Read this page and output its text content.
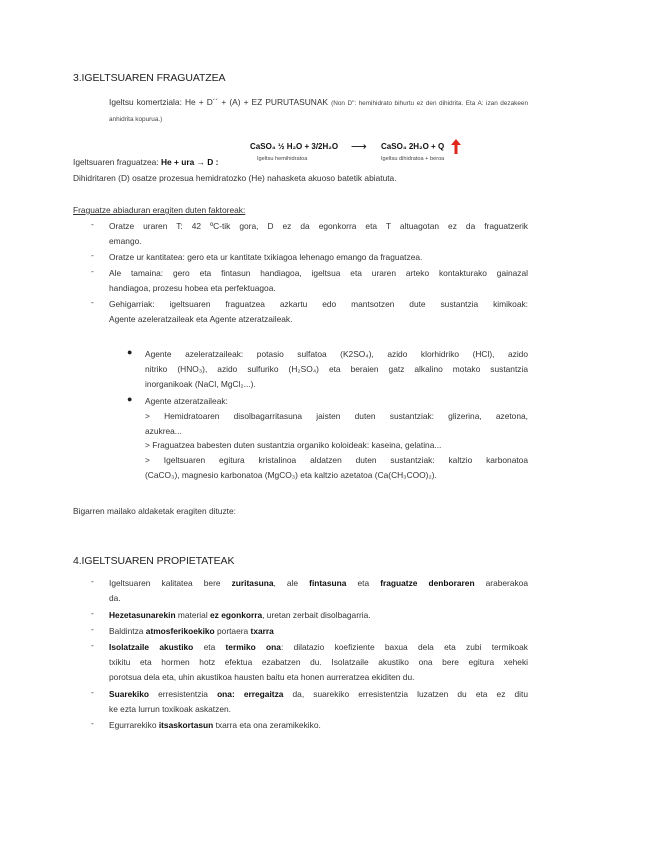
3.IGELTSUAREN FRAGUATZEA
Igeltsu komertziala: He + D´´ + (A) + EZ PURUTASUNAK (Non D": hemihidrato bihurtu ez den dihidrita. Eta A: izan dezakeen anhidrita kopurua.)
CaSO₄ ½ H₂O + 3/2H₂O ⟶ CaSO₄ 2H₂O + Q
Igeltsu hemihidratoa	Igeltsu dihidratoa + beroa
Igeltsuaren fraguatzea: He + ura → D :
Dihidritaren (D) osatze prozesua hemidratozko (He) nahasketa akuoso batetik abiatuta.
Fraguatze abiaduran eragiten duten faktoreak:
- Oratze uraren T: 42 ºC-tik gora, D ez da egonkorra eta T altuagotan ez da fraguatzerik
emango.
- Oratze ur kantitatea: gero eta ur kantitate txikiagoa lehenago emango da fraguatzea.
- Ale tamaina: gero eta fintasun handiagoa, igeltsua eta uraren arteko kontakturako gainazal
handiagoa, prozesu hobea eta perfektuagoa.
- Gehigarriak: igeltsuaren fraguatzea azkartu edo mantsotzen dute sustantzia kimikoak:
Agente azeleratzaileak eta Agente atzeratzaileak.
● Agente azeleratzaileak: potasio sulfatoa (K2SO₄), azido klorhidriko (HCl), azido
nitriko (HNO₃), azido sulfuriko (H₂SO₄) eta beraien gatz alkalino motako sustantzia
inorganikoak (NaCl, MgCl₂...).
● Agente atzeratzaileak:
> Hemidratoaren disolbagarritasuna jaisten duten sustantziak: glizerina, azetona,
azukrea...
> Fraguatzea babesten duten sustantzia organiko koloideak: kaseina, gelatina...
> Igeltsuaren egitura kristalinoa aldatzen duten sustantziak: kaltzio karbonatoa
(CaCO₃), magnesio karbonatoa (MgCO₃) eta kaltzio azetatoa (Ca(CH₃COO)₂).
Bigarren mailako aldaketak eragiten dituzte:
4.IGELTSUAREN PROPIETATEAK
- Igeltsuaren kalitatea bere zuritasuna, ale fintasuna eta fraguatze denboraren araberakoa
da.
- Hezetasunarekin material ez egonkorra, uretan zerbait disolbagarria.
- Baldintza atmosferikoekiko portaera txarra
- Isolatzaile akustiko eta termiko ona: dilatazio koefiziente baxua dela eta zubi termikoak
txikitu eta hormen hotz efektua ezabatzen du. Isolatzaile akustiko ona bere egitura xeheki
porotsua dela eta, uhin akustikoa hausten baitu eta honen aurreratzea ekiditen du.
- Suarekiko erresistentzia ona: erregaitza da, suarekiko erresistentzia luzatzen du eta ez ditu
ke ezta lurrun toxikoak askatzen.
- Egurrarekiko itsaskortasun txarra eta ona zeramikekiko.
